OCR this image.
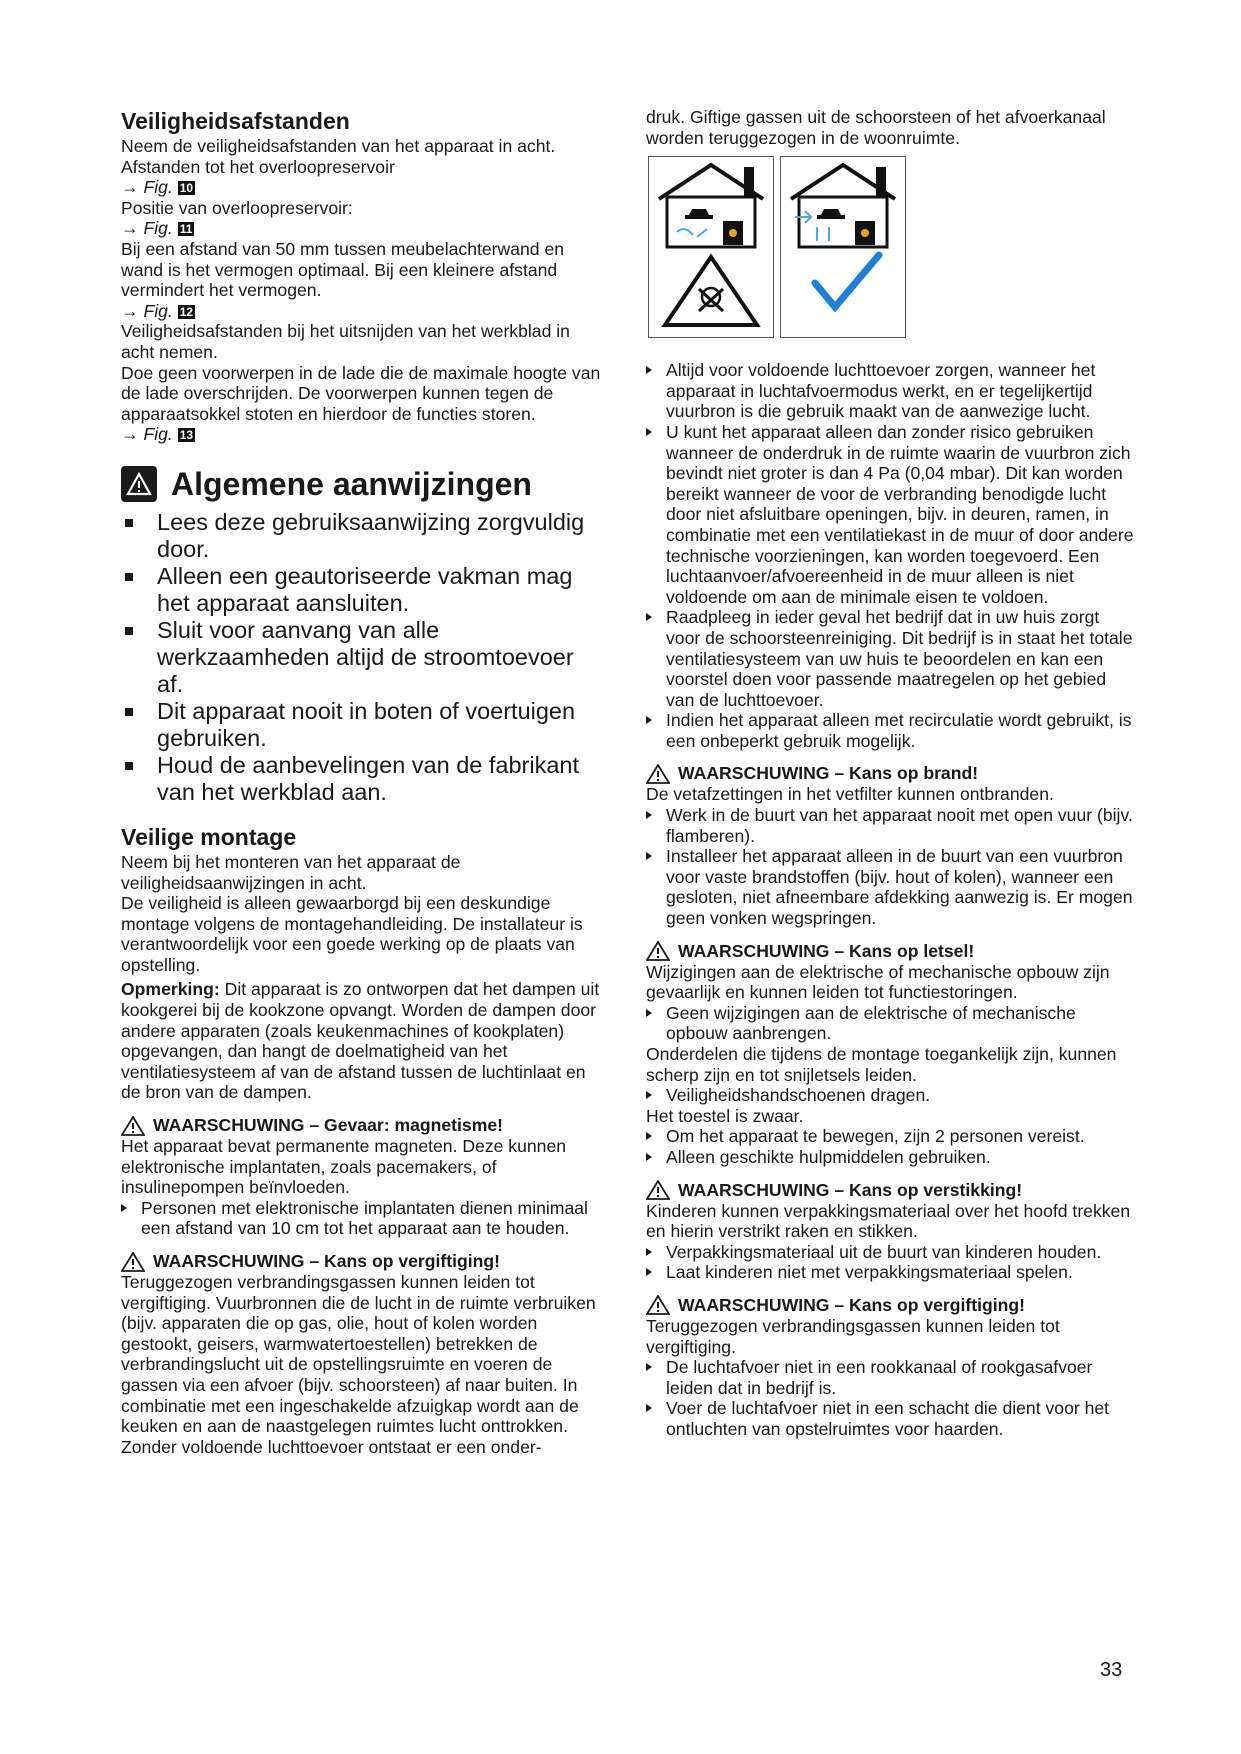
Veiligheidsafstanden

Neem de veiligheidsafstanden van het apparaat in acht.

Afstanden tot het overloopreservoir

→ Fig. 10

Positie van overloopreservoir:

→ Fig. 11

Bij een afstand van 50 mm tussen meubelachterwand en wand is het vermogen optimaal. Bij een kleinere afstand vermindert het vermogen.

→ Fig. 12

Veiligheidsafstanden bij het uitsnijden van het werkblad in acht nemen.

Doe geen voorwerpen in de lade die de maximale hoogte van de lade overschrijden. De voorwerpen kunnen tegen de apparaatsokkel stoten en hierdoor de functies storen.

→ Fig. 13

Algemene aanwijzingen
Lees deze gebruiksaanwijzing zorgvuldig door.
Alleen een geautoriseerde vakman mag het apparaat aansluiten.
Sluit voor aanvang van alle werkzaamheden altijd de stroomtoevoer af.
Dit apparaat nooit in boten of voertuigen gebruiken.
Houd de aanbevelingen van de fabrikant van het werkblad aan.
Veilige montage

Neem bij het monteren van het apparaat de veiligheidsaanwijzingen in acht.

De veiligheid is alleen gewaarborgd bij een deskundige montage volgens de montagehandleiding. De installateur is verantwoordelijk voor een goede werking op de plaats van opstelling.

Opmerking: Dit apparaat is zo ontworpen dat het dampen uit kookgerei bij de kookzone opvangt. Worden de dampen door andere apparaten (zoals keukenmachines of kookplaten) opgevangen, dan hangt de doelmatigheid van het ventilatiesysteem af van de afstand tussen de luchtinlaat en de bron van de dampen.

WAARSCHUWING – Gevaar: magnetisme!

Het apparaat bevat permanente magneten. Deze kunnen elektronische implantaten, zoals pacemakers, of insulinepompen beïnvloeden.

Personen met elektronische implantaten dienen minimaal een afstand van 10 cm tot het apparaat aan te houden.

WAARSCHUWING – Kans op vergiftiging!

Teruggezogen verbrandingsgassen kunnen leiden tot vergiftiging. Vuurbronnen die de lucht in de ruimte verbruiken (bijv. apparaten die op gas, olie, hout of kolen worden gestookt, geisers, warmwatertoestellen) betrekken de verbrandingslucht uit de opstellingsruimte en voeren de gassen via een afvoer (bijv. schoorsteen) af naar buiten. In combinatie met een ingeschakelde afzuigkap wordt aan de keuken en aan de naastgelegen ruimtes lucht onttrokken. Zonder voldoende luchttoevoer ontstaat er een onder-

druk. Giftige gassen uit de schoorsteen of het afvoerkanaal worden teruggezogen in de woonruimte.

Altijd voor voldoende luchttoevoer zorgen, wanneer het apparaat in luchtafvoermodus werkt, en er tegelijkertijd vuurbron is die gebruik maakt van de aanwezige lucht.

U kunt het apparaat alleen dan zonder risico gebruiken wanneer de onderdruk in de ruimte waarin de vuurbron zich bevindt niet groter is dan 4 Pa (0,04 mbar). Dit kan worden bereikt wanneer de voor de verbranding benodigde lucht door niet afsluitbare openingen, bijv. in deuren, ramen, in combinatie met een ventilatiekast in de muur of door andere technische voorzieningen, kan worden toegevoerd. Een luchtaanvoer/afvoereenheid in de muur alleen is niet voldoende om aan de minimale eisen te voldoen.

Raadpleeg in ieder geval het bedrijf dat in uw huis zorgt voor de schoorsteenreiniging. Dit bedrijf is in staat het totale ventilatiesysteem van uw huis te beoordelen en kan een voorstel doen voor passende maatregelen op het gebied van de luchttoevoer.

Indien het apparaat alleen met recirculatie wordt gebruikt, is een onbeperkt gebruik mogelijk.

WAARSCHUWING – Kans op brand!

De vetafzettingen in het vetfilter kunnen ontbranden.

Werk in de buurt van het apparaat nooit met open vuur (bijv. flamberen).

Installeer het apparaat alleen in de buurt van een vuurbron voor vaste brandstoffen (bijv. hout of kolen), wanneer een gesloten, niet afneembare afdekking aanwezig is. Er mogen geen vonken wegspringen.

WAARSCHUWING – Kans op letsel!

Wijzigingen aan de elektrische of mechanische opbouw zijn gevaarlijk en kunnen leiden tot functiestoringen.

Geen wijzigingen aan de elektrische of mechanische opbouw aanbrengen.

Onderdelen die tijdens de montage toegankelijk zijn, kunnen scherp zijn en tot snijletsels leiden.

Veiligheidshandschoenen dragen.

Het toestel is zwaar.

Om het apparaat te bewegen, zijn 2 personen vereist.

Alleen geschikte hulpmiddelen gebruiken.

WAARSCHUWING – Kans op verstikking!

Kinderen kunnen verpakkingsmateriaal over het hoofd trekken en hierin verstrikt raken en stikken.

Verpakkingsmateriaal uit de buurt van kinderen houden.

Laat kinderen niet met verpakkingsmateriaal spelen.

WAARSCHUWING – Kans op vergiftiging!

Teruggezogen verbrandingsgassen kunnen leiden tot vergiftiging.

De luchtafvoer niet in een rookkanaal of rookgasafvoer leiden dat in bedrijf is.

Voer de luchtafvoer niet in een schacht die dient voor het ontluchten van opstelruimtes voor haarden.

33
